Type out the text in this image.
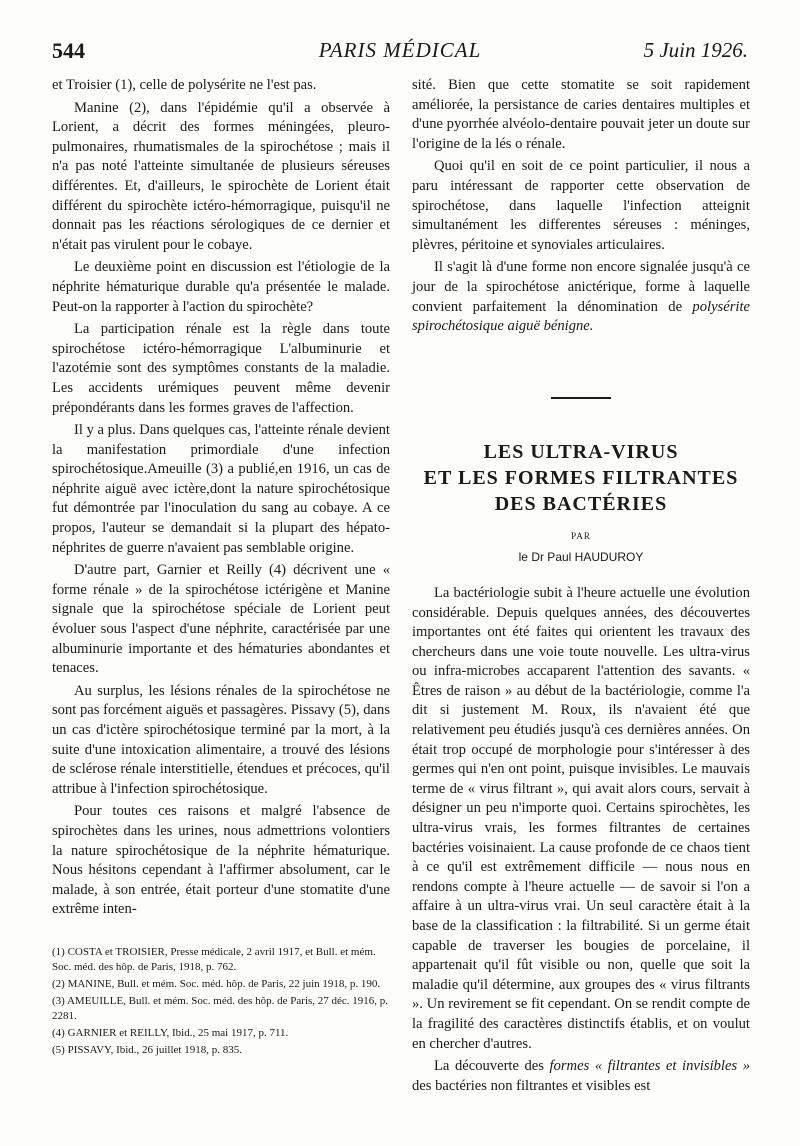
544	PARIS MÉDICAL	5 Juin 1926.

et Troisier (1), celle de polysérite ne l'est pas.

Manine (2), dans l'épidémie qu'il a observée à Lorient, a décrit des formes méningées, pleuro-pulmonaires, rhumatismales de la spirochétose ; mais il n'a pas noté l'atteinte simultanée de plusieurs séreuses différentes. Et, d'ailleurs, le spirochète de Lorient était différent du spirochète ictéro-hémorragique, puisqu'il ne donnait pas les réactions sérologiques de ce dernier et n'était pas virulent pour le cobaye.

Le deuxième point en discussion est l'étiologie de la néphrite hématurique durable qu'a présentée le malade. Peut-on la rapporter à l'action du spirochète?

La participation rénale est la règle dans toute spirochétose ictéro-hémorragique L'albuminurie et l'azotémie sont des symptômes constants de la maladie. Les accidents urémiques peuvent même devenir prépondérants dans les formes graves de l'affection.

Il y a plus. Dans quelques cas, l'atteinte rénale devient la manifestation primordiale d'une infection spirochétosique.Ameuille (3) a publié,en 1916, un cas de néphrite aiguë avec ictère,dont la nature spirochétosique fut démontrée par l'inoculation du sang au cobaye. A ce propos, l'auteur se demandait si la plupart des hépato-néphrites de guerre n'avaient pas semblable origine.

D'autre part, Garnier et Reilly (4) décrivent une « forme rénale » de la spirochétose ictérigène et Manine signale que la spirochétose spéciale de Lorient peut évoluer sous l'aspect d'une néphrite, caractérisée par une albuminurie importante et des hématuries abondantes et tenaces.

Au surplus, les lésions rénales de la spirochétose ne sont pas forcément aiguës et passagères. Pissavy (5), dans un cas d'ictère spirochétosique terminé par la mort, à la suite d'une intoxication alimentaire, a trouvé des lésions de sclérose rénale interstitielle, étendues et précoces, qu'il attribue à l'infection spirochétosique.

Pour toutes ces raisons et malgré l'absence de spirochètes dans les urines, nous admettrions volontiers la nature spirochétosique de la néphrite hématurique. Nous hésitons cependant à l'affirmer absolument, car le malade, à son entrée, était porteur d'une stomatite d'une extrême inten-

(1) COSTA et TROISIER, Presse médicale, 2 avril 1917, et Bull. et mém. Soc. méd. des hôp. de Paris, 1918, p. 762.
(2) MANINE, Bull. et mém. Soc. méd. hôp. de Paris, 22 juin 1918, p. 190.
(3) AMEUILLE, Bull. et mém. Soc. méd. des hôp. de Paris, 27 déc. 1916, p. 2281.
(4) GARNIER et REILLY, Ibid., 25 mai 1917, p. 711.
(5) PISSAVY, Ibid., 26 juillet 1918, p. 835.

sité. Bien que cette stomatite se soit rapidement améliorée, la persistance de caries dentaires multiples et d'une pyorrhée alvéolo-dentaire pouvait jeter un doute sur l'origine de la lés o rénale.

Quoi qu'il en soit de ce point particulier, il nous a paru intéressant de rapporter cette observation de spirochétose, dans laquelle l'infection atteignit simultanément les differentes séreuses : méninges, plèvres, péritoine et synoviales articulaires.

Il s'agit là d'une forme non encore signalée jusqu'à ce jour de la spirochétose anictérique, forme à laquelle convient parfaitement la dénomination de polysérite spirochétosique aiguë bénigne.

LES ULTRA-VIRUS
ET LES FORMES FILTRANTES
DES BACTÉRIES
PAR
le Dr Paul HAUDUROY

La bactériologie subit à l'heure actuelle une évolution considérable. Depuis quelques années, des découvertes importantes ont été faites qui orientent les travaux des chercheurs dans une voie toute nouvelle. Les ultra-virus ou infra-microbes accaparent l'attention des savants. « Êtres de raison » au début de la bactériologie, comme l'a dit si justement M. Roux, ils n'avaient été que relativement peu étudiés jusqu'à ces dernières années. On était trop occupé de morphologie pour s'intéresser à des germes qui n'en ont point, puisque invisibles. Le mauvais terme de « virus filtrant », qui avait alors cours, servait à désigner un peu n'importe quoi. Certains spirochètes, les ultra-virus vrais, les formes filtrantes de certaines bactéries voisinaient. La cause profonde de ce chaos tient à ce qu'il est extrêmement difficile — nous nous en rendons compte à l'heure actuelle — de savoir si l'on a affaire à un ultra-virus vrai. Un seul caractère était à la base de la classification : la filtrabilité. Si un germe était capable de traverser les bougies de porcelaine, il appartenait qu'il fût visible ou non, quelle que soit la maladie qu'il détermine, aux groupes des « virus filtrants ». Un revirement se fit cependant. On se rendit compte de la fragilité des caractères distinctifs établis, et on voulut en chercher d'autres.

La découverte des formes « filtrantes et invisibles » des bactéries non filtrantes et visibles est
